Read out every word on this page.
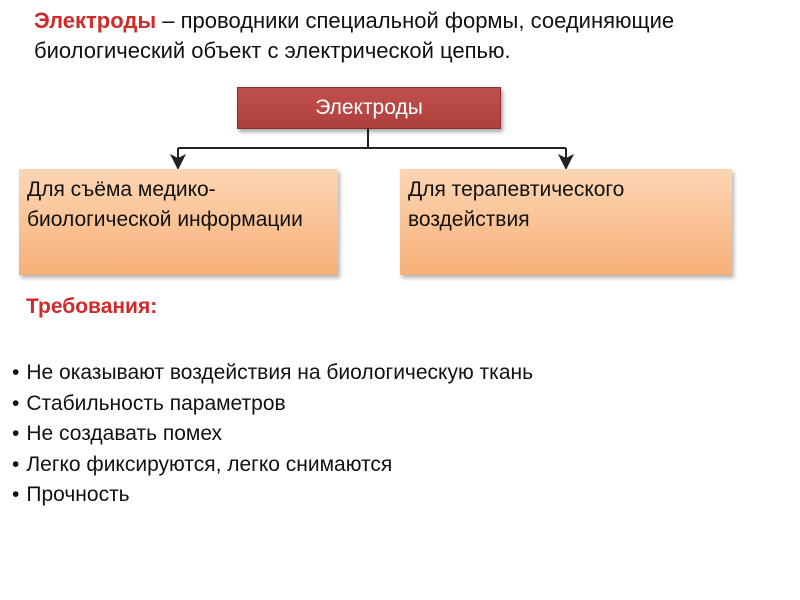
Электроды – проводники специальной формы, соединяющие биологический объект с электрической цепью.
Электроды
Для съёма медико-биологической информации
Для терапевтического воздействия
Требования:
• Не оказывают воздействия на биологическую ткань
• Стабильность параметров
• Не создавать помех
• Легко фиксируются, легко снимаются
• Прочность
